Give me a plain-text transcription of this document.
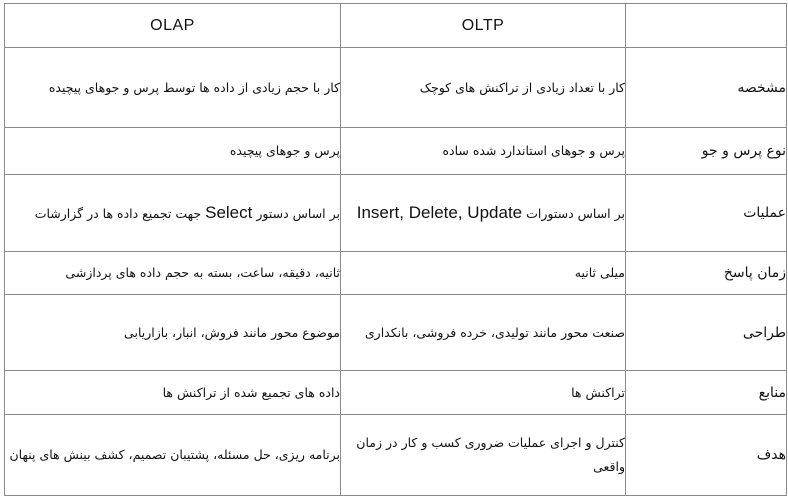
OLAP	OLTP	
کار با حجم زیادی از داده ها توسط پرس و جوهای پیچیده	کار با تعداد زیادی از تراکنش های کوچک	مشخصه
پرس و جوهای پیچیده	پرس و جوهای استاندارد شده ساده	نوع پرس و جو
بر اساس دستور Select جهت تجمیع داده ها در گزارشات	بر اساس دستورات Insert, Delete, Update	عملیات
ثانیه، دقیقه، ساعت، بسته به حجم داده های پردازشی	میلی ثانیه	زمان پاسخ
موضوع محور مانند فروش، انبار، بازاریابی	صنعت محور مانند تولیدی، خرده فروشی، بانکداری	طراحی
داده های تجمیع شده از تراکنش ها	تراکنش ها	منابع
برنامه ریزی، حل مسئله، پشتیبان تصمیم، کشف بینش های پنهان	کنترل و اجرای عملیات ضروری کسب و کار در زمان واقعی	هدف
